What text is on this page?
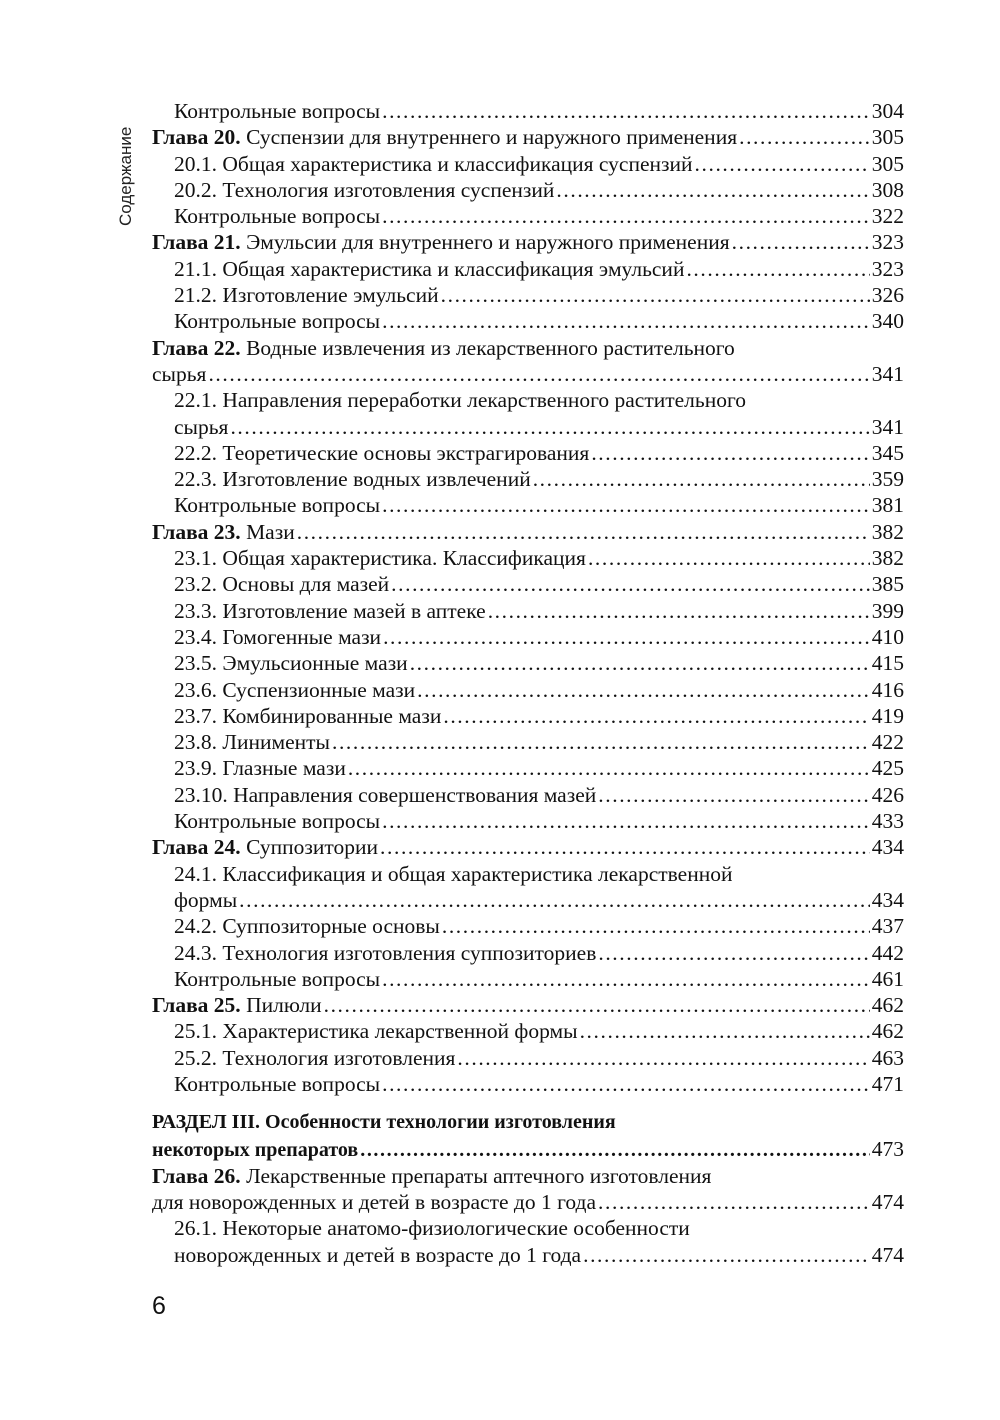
Содержание
Контрольные вопросы .....	304
Глава 20. Суспензии для внутреннего и наружного применения .....	305
20.1. Общая характеристика и классификация суспензий .....	305
20.2. Технология изготовления суспензий .....	308
Контрольные вопросы .....	322
Глава 21. Эмульсии для внутреннего и наружного применения .....	323
21.1. Общая характеристика и классификация эмульсий .....	323
21.2. Изготовление эмульсий .....	326
Контрольные вопросы .....	340
Глава 22. Водные извлечения из лекарственного растительного
сырья .....	341
22.1. Направления переработки лекарственного растительного
сырья .....	341
22.2. Теоретические основы экстрагирования .....	345
22.3. Изготовление водных извлечений .....	359
Контрольные вопросы .....	381
Глава 23. Мази .....	382
23.1. Общая характеристика. Классификация .....	382
23.2. Основы для мазей .....	385
23.3. Изготовление мазей в аптеке .....	399
23.4. Гомогенные мази .....	410
23.5. Эмульсионные мази .....	415
23.6. Суспензионные мази .....	416
23.7. Комбинированные мази .....	419
23.8. Линименты .....	422
23.9. Глазные мази .....	425
23.10. Направления совершенствования мазей .....	426
Контрольные вопросы .....	433
Глава 24. Суппозитории .....	434
24.1. Классификация и общая характеристика лекарственной
формы .....	434
24.2. Суппозиторные основы .....	437
24.3. Технология изготовления суппозиториев .....	442
Контрольные вопросы .....	461
Глава 25. Пилюли .....	462
25.1. Характеристика лекарственной формы .....	462
25.2. Технология изготовления .....	463
Контрольные вопросы .....	471
РАЗДЕЛ III. Особенности технологии изготовления
некоторых препаратов .....	473
Глава 26. Лекарственные препараты аптечного изготовления
для новорожденных и детей в возрасте до 1 года .....	474
26.1. Некоторые анатомо-физиологические особенности
новорожденных и детей в возрасте до 1 года .....	474
6
